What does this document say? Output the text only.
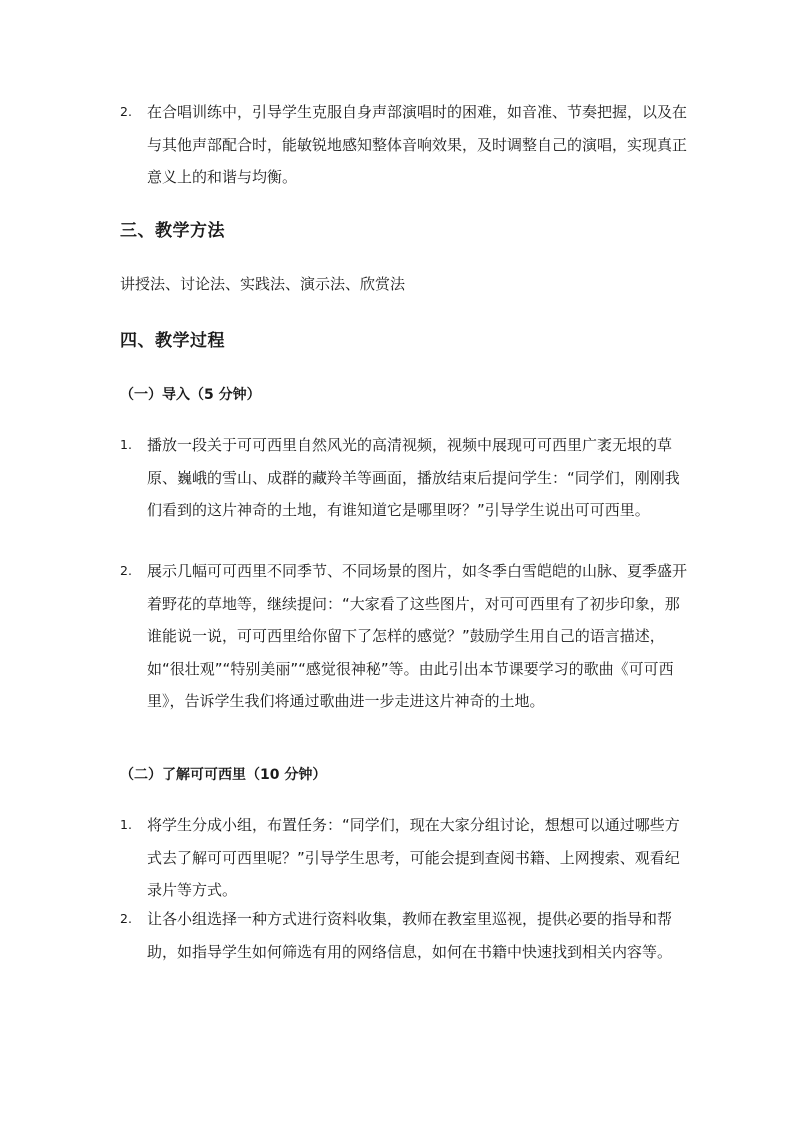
2. 在合唱训练中，引导学生克服自身声部演唱时的困难，如音准、节奏把握，以及在与其他声部配合时，能敏锐地感知整体音响效果，及时调整自己的演唱，实现真正意义上的和谐与均衡。
三、教学方法
讲授法、讨论法、实践法、演示法、欣赏法
四、教学过程
（一）导入（5 分钟）
1. 播放一段关于可可西里自然风光的高清视频，视频中展现可可西里广袤无垠的草原、巍峨的雪山、成群的藏羚羊等画面，播放结束后提问学生：“同学们，刚刚我们看到的这片神奇的土地，有谁知道它是哪里呀？”引导学生说出可可西里。
2. 展示几幅可可西里不同季节、不同场景的图片，如冬季白雪皑皑的山脉、夏季盛开着野花的草地等，继续提问：“大家看了这些图片，对可可西里有了初步印象，那谁能说一说，可可西里给你留下了怎样的感觉？”鼓励学生用自己的语言描述，如“很壮观”“特别美丽”“感觉很神秘”等。由此引出本节课要学习的歌曲《可可西里》，告诉学生我们将通过歌曲进一步走进这片神奇的土地。
（二）了解可可西里（10 分钟）
1. 将学生分成小组，布置任务：“同学们，现在大家分组讨论，想想可以通过哪些方式去了解可可西里呢？”引导学生思考，可能会提到查阅书籍、上网搜索、观看纪录片等方式。
2. 让各小组选择一种方式进行资料收集，教师在教室里巡视，提供必要的指导和帮助，如指导学生如何筛选有用的网络信息，如何在书籍中快速找到相关内容等。
